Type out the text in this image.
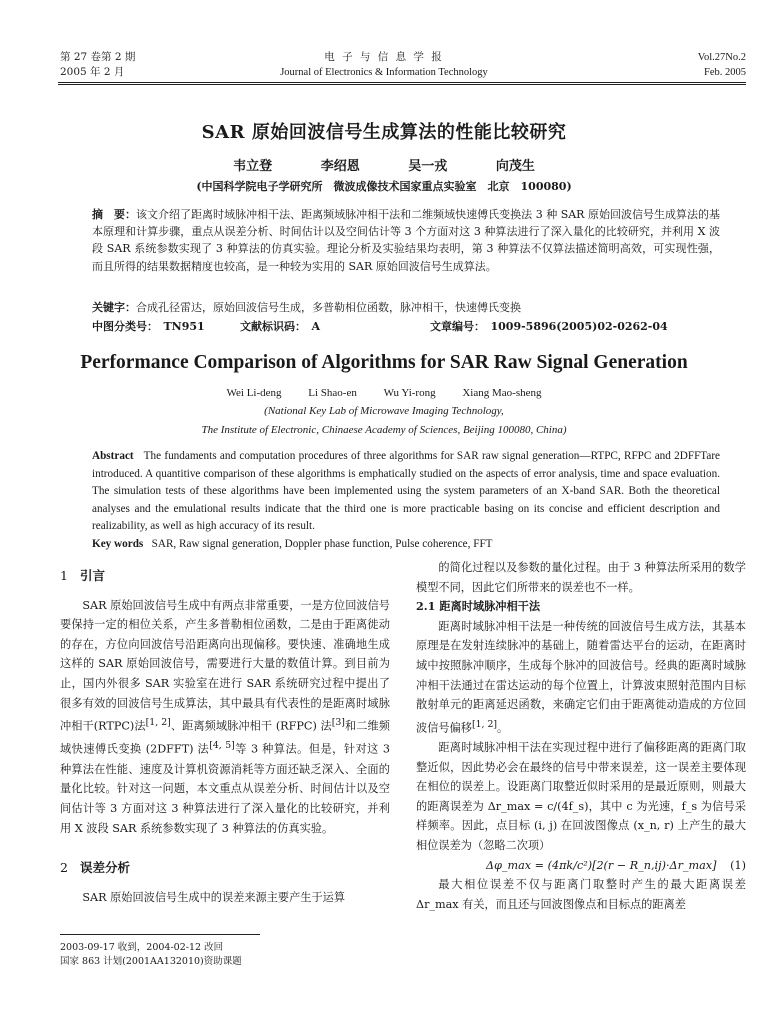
第 27 卷第 2 期
2005 年 2 月
电 子 与 信 息 学 报
Journal of Electronics & Information Technology
Vol.27No.2
Feb. 2005
SAR 原始回波信号生成算法的性能比较研究
韦立登	李绍恩	吴一戎	向茂生
(中国科学院电子学研究所　微波成像技术国家重点实验室　北京　100080)
摘　要：该文介绍了距离时域脉冲相干法、距离频域脉冲相干法和二维频域快速傅氏变换法 3 种 SAR 原始回波信号生成算法的基本原理和计算步骤，重点从误差分析、时间估计以及空间估计等 3 个方面对这 3 种算法进行了深入量化的比较研究，并利用 X 波段 SAR 系统参数实现了 3 种算法的仿真实验。理论分析及实验结果均表明，第 3 种算法不仅算法描述简明高效，可实现性强，而且所得的结果数据精度也较高，是一种较为实用的 SAR 原始回波信号生成算法。
关键字：合成孔径雷达，原始回波信号生成，多普勒相位函数，脉冲相干，快速傅氏变换
中图分类号：　TN951	文献标识码：　A	文章编号：　1009-5896(2005)02-0262-04
Performance Comparison of Algorithms for SAR Raw Signal Generation
Wei Li-deng Li Shao-en Wu Yi-rong Xiang Mao-sheng
(National Key Lab of Microwave Imaging Technology,
The Institute of Electronic, Chinaese Academy of Sciences, Beijing 100080, China)
Abstract The fundaments and computation procedures of three algorithms for SAR raw signal generation—RTPC, RFPC and 2DFFTare introduced. A quantitive comparison of these algorithms is emphatically studied on the aspects of error analysis, time and space evaluation. The simulation tests of these algorithms have been implemented using the system parameters of an X-band SAR. Both the theoretical analyses and the emulational results indicate that the third one is more practicable basing on its concise and efficient description and realizability, as well as high accuracy of its result.
Key words SAR, Raw signal generation, Doppler phase function, Pulse coherence, FFT
1 引言

SAR 原始回波信号生成中有两点非常重要，一是方位回波信号要保持一定的相位关系，产生多普勒相位函数，二是由于距离徙动的存在，方位向回波信号沿距离向出现偏移。要快速、准确地生成这样的 SAR 原始回波信号，需要进行大量的数值计算。到目前为止，国内外很多 SAR 实验室在进行 SAR 系统研究过程中提出了很多有效的回波信号生成算法，其中最具有代表性的是距离时域脉冲相干(RTPC)法[1, 2]、距离频域脉冲相干 (RFPC) 法[3]和二维频域快速傅氏变换 (2DFFT) 法[4, 5]等 3 种算法。但是，针对这 3 种算法在性能、速度及计算机资源消耗等方面还缺乏深入、全面的量化比较。针对这一问题，本文重点从误差分析、时间估计以及空间估计等 3 方面对这 3 种算法进行了深入量化的比较研究，并利用 X 波段 SAR 系统参数实现了 3 种算法的仿真实验。

2 误差分析

SAR 原始回波信号生成中的误差来源主要产生于运算

的简化过程以及参数的量化过程。由于 3 种算法所采用的数学模型不同，因此它们所带来的误差也不一样。

2.1 距离时域脉冲相干法

距离时域脉冲相干法是一种传统的回波信号生成方法，其基本原理是在发射连续脉冲的基础上，随着雷达平台的运动，在距离时域中按照脉冲顺序，生成每个脉冲的回波信号。经典的距离时域脉冲相干法通过在雷达运动的每个位置上，计算波束照射范围内目标散射单元的距离延迟函数，来确定它们由于距离徙动造成的方位回波信号偏移[1, 2]。

距离时域脉冲相干法在实现过程中进行了偏移距离的距离门取整近似，因此势必会在最终的信号中带来误差，这一误差主要体现在相位的误差上。设距离门取整近似时采用的是最近原则，则最大的距离误差为 Δr_max = c/(4f_s)，其中 c 为光速，f_s 为信号采样频率。因此，点目标 (i, j) 在回波图像点 (x_n, r) 上产生的最大相位误差为（忽略二次项）

Δφ_max = (4πk/c²)[2(r − R_n,ij)·Δr_max] (1)

最大相位误差不仅与距离门取整时产生的最大距离误差 Δr_max 有关，而且还与回波图像点和目标点的距离差

2003-09-17 收到，2004-02-12 改回
国家 863 计划(2001AA132010)资助课题
